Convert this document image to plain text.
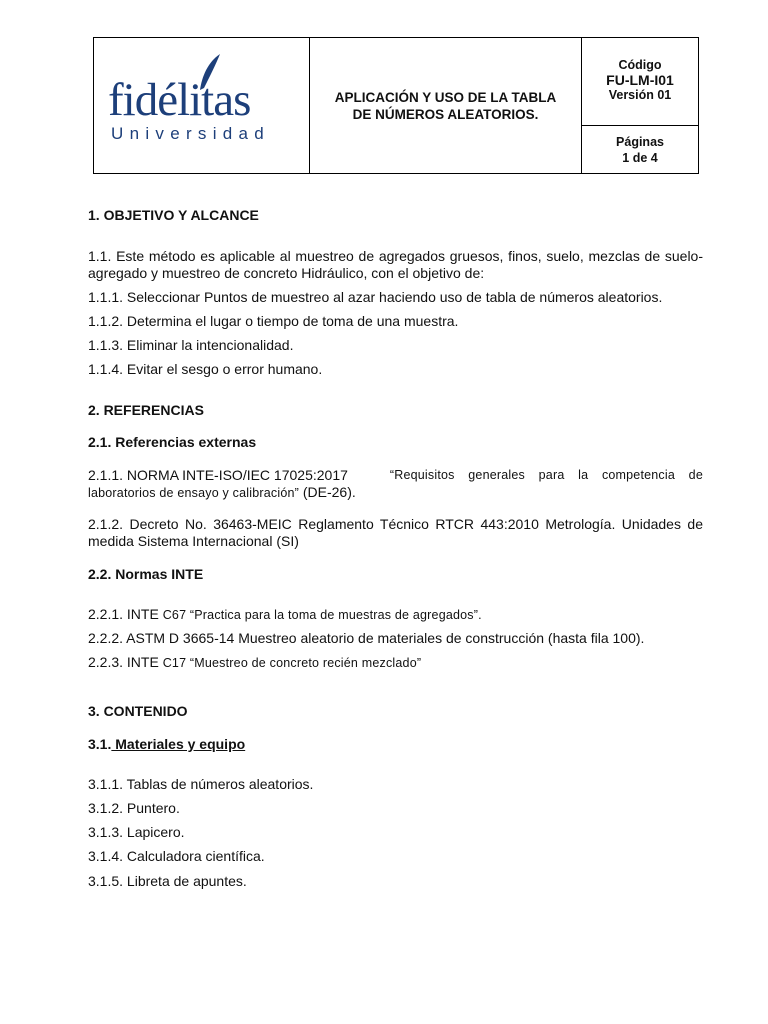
fidélitas
Universidad
APLICACIÓN Y USO DE LA TABLA
DE NÚMEROS ALEATORIOS.
Código
FU-LM-I01
Versión 01
Páginas
1 de 4
1. OBJETIVO Y ALCANCE
1.1. Este método es aplicable al muestreo de agregados gruesos, finos, suelo, mezclas de suelo-
agregado y muestreo de concreto Hidráulico, con el objetivo de:
1.1.1. Seleccionar Puntos de muestreo al azar haciendo uso de tabla de números aleatorios.
1.1.2. Determina el lugar o tiempo de toma de una muestra.
1.1.3. Eliminar la intencionalidad.
1.1.4. Evitar el sesgo o error humano.
2. REFERENCIAS
2.1. Referencias externas
2.1.1. NORMA INTE-ISO/IEC 17025:2017	“Requisitos generales para la competencia de
laboratorios de ensayo y calibración” (DE-26).
2.1.2. Decreto No. 36463-MEIC Reglamento Técnico RTCR 443:2010 Metrología. Unidades de
medida Sistema Internacional (SI)
2.2. Normas INTE
2.2.1. INTE C67 “Practica para la toma de muestras de agregados”.
2.2.2. ASTM D 3665-14 Muestreo aleatorio de materiales de construcción (hasta fila 100).
2.2.3. INTE C17 “Muestreo de concreto recién mezclado”
3. CONTENIDO
3.1. Materiales y equipo
3.1.1. Tablas de números aleatorios.
3.1.2. Puntero.
3.1.3. Lapicero.
3.1.4. Calculadora científica.
3.1.5. Libreta de apuntes.
